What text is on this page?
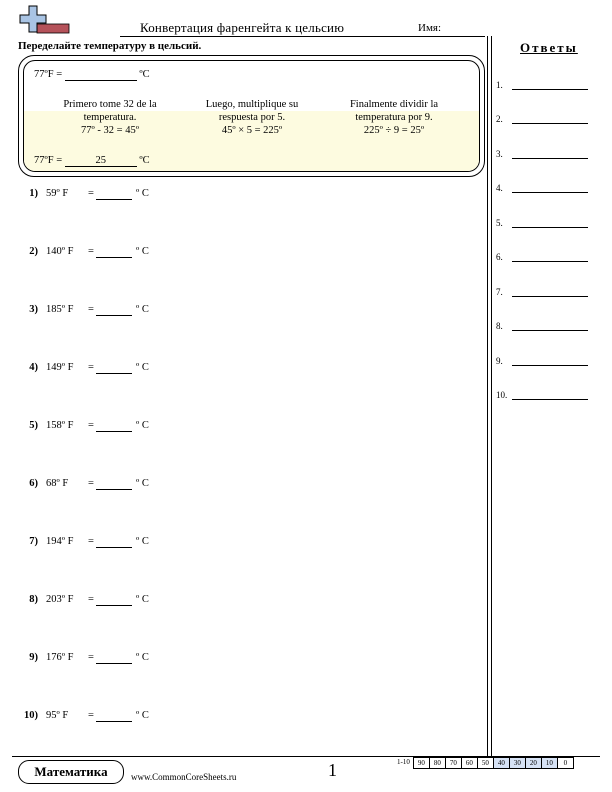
Конвертация фаренгейта к цельсию	Имя:
Переделайте температуру в цельсий.
77ºF =	ºC
Primero tome 32 de la
temperatura.
77º - 32 = 45º
Luego, multiplique su
respuesta por 5.
45º × 5 = 225º
Finalmente dividir la
temperatura por 9.
225º ÷ 9 = 25º
77ºF =	25	ºC
1) 59º F =	º C
2) 140º F =	º C
3) 185º F =	º C
4) 149º F =	º C
5) 158º F =	º C
6) 68º F =	º C
7) 194º F =	º C
8) 203º F =	º C
9) 176º F =	º C
10) 95º F =	º C
Ответы
1.
2.
3.
4.
5.
6.
7.
8.
9.
10.
Математика	www.CommonCoreSheets.ru	1	1-10	90	80	70	60	50	40	30	20	10	0
